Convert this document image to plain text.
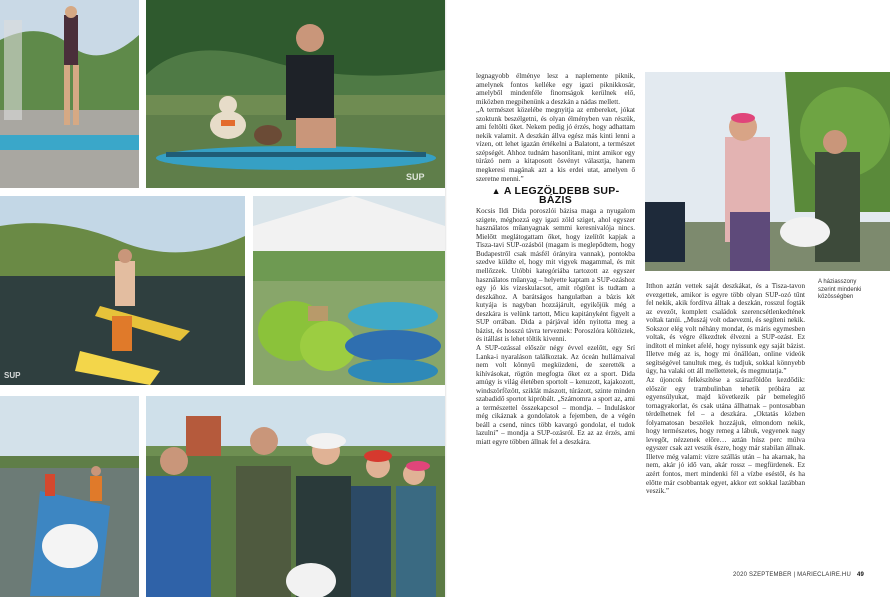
SUP
SUP

legnagyobb élménye lesz a naplemente piknik, amelynek fontos kelléke egy igazi piknikkosár, amelyből mindenféle finomságok kerülnek elő, miközben megpihenünk a deszkán a nádas mellett.

„A természet közelébe megnyitja az embereket, jókat szoktunk beszélgetni, és olyan élményben van részük, ami feltölti őket. Nekem pedig jó érzés, hogy adhattam nekik valamit. A deszkán állva egész más kinti lenni a vízen, ott lehet igazán értékelni a Balatont, a természet szépségét. Ahhoz tudnám hasonlítani, mint amikor egy túrázó nem a kitaposott ösvényt választja, hanem megkeresi magának azt a kis erdei utat, amelyen ő szeretne menni.”

▲ A LEGZÖLDEBB SUP-BÁZIS

Kocsis Ildi Dida poroszlói bázisa maga a nyugalom szigete, méghozzá egy igazi zöld sziget, ahol egyszer használatos műanyagnak semmi keresnivalója nincs. Mielőtt meglátogattam őket, hogy izelítőt kapjak a Tisza-tavi SUP-ozásból (magam is meglepődtem, hogy Budapestről csak másfél órányira vannak), pontokba szedve küldte el, hogy mit vigyek magammal, és mit mellőzzek. Utóbbi kategóriába tartozott az egyszer használatos műanyag – helyette kaptam a SUP-ozáshoz egy jó kis vizeskulacsot, amit rögtönt is tudtam a deszkához. A barátságos hangulatban a bázis két kutyája is nagyban hozzájárult, egyikőjük még a deszkára is velünk tartott, Micu kapitányként figyelt a SUP orrában. Dida a párjával idén nyitotta meg a bázist, és hosszú távra terveznek: Poroszlóra költöztek, és itállást is lehet töltik kivenni.

A SUP-ozással először négy évvel ezelőtt, egy Srí Lanka-i nyaraláson találkoztak. Az óceán hullámaival nem volt könnyű megküzdeni, de szerették a kihívásokat, rögtön megfogta őket ez a sport. Dida amúgy is világ életében sportolt – kenuzott, kajakozott, windszörfözött, sziklát mászott, túrázott, szinte minden szabadidő sportot kipróbált. „Számomra a sport az, ami a természettel összekapcsol – mondja. – Induláskor még cikáznak a gondolatok a fejemben, de a végén beáll a csend, nincs több kavargó gondolat, el tudok lazulni” – mondja a SUP-ozásról. Ez az az érzés, ami miatt egyre többen állnak fel a deszkára.

A háziasszony
szerint mindenki
közösségben

Itthon aztán vettek saját deszkákat, és a Tisza-tavon evezgettek, amikor is egyre több olyan SUP-ozó tűnt fel nekik, akik fordítva álltak a deszkán, rosszul fogták az evezőt, komplett családok szerencsétlenkedtének voltak tanúi. „Muszáj volt odaevezni, és segíteni nekik. Sokszor elég volt néhány mondat, és máris egymesben voltak, és végre élkezdtek élvezni a SUP-ozást. Ez indított el minket afelé, hogy nyissunk egy saját bázist. Illetve még az is, hogy mi önállóan, online videók segítségével tanultuk meg, és tudjuk, sokkal könnyebb úgy, ha valaki ott áll mellettetek, és megmutatja.”

Az újoncok felkészítése a szárazföldön kezdődik: először egy trambulinban tehetik próbára az egyensúlyukat, majd következik pár bemelegítő tornagyakorlat, és csak utána állhatnak – pontosabban térdelhetnek fel – a deszkára. „Oktatás közben folyamatosan beszélek hozzájuk, elmondom nekik, hogy természetes, hogy remeg a lábuk, vegyenek nagy levegőt, nézzenek előre… aztán húsz perc múlva egyszer csak azt veszik észre, hogy már stabilan állnak. Illetve még valami: vizre szállás után – ha akarnak, ha nem, akár jó idő van, akár rossz – megfürdenek. Ez azért fontos, mert mindenki fél a vízbe eséstől, és ha előtte már csobbantak egyet, akkor ezt sokkal lazábban veszik.”

2020 SZEPTEMBER | MARIECLAIRE.HU 49
